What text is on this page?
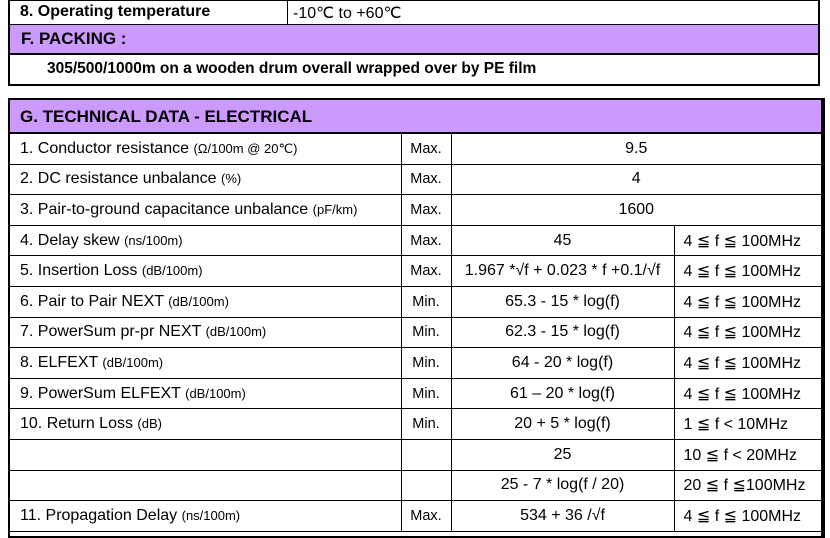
8. Operating temperature	-10℃ to +60℃
F. PACKING :
305/500/1000m on a wooden drum overall wrapped over by PE film
G. TECHNICAL DATA - ELECTRICAL
1. Conductor resistance (Ω/100m @ 20℃)	Max.	9.5	
2. DC resistance unbalance (%)	Max.	4	
3. Pair-to-ground capacitance unbalance (pF/km)	Max.	1600	
4. Delay skew (ns/100m)	Max.	45	4 ≦ f ≦ 100MHz
5. Insertion Loss (dB/100m)	Max.	1.967 *√f + 0.023 * f +0.1/√f	4 ≦ f ≦ 100MHz
6. Pair to Pair NEXT (dB/100m)	Min.	65.3 - 15 * log(f)	4 ≦ f ≦ 100MHz
7. PowerSum pr-pr NEXT (dB/100m)	Min.	62.3 - 15 * log(f)	4 ≦ f ≦ 100MHz
8. ELFEXT (dB/100m)	Min.	64 - 20 * log(f)	4 ≦ f ≦ 100MHz
9. PowerSum ELFEXT (dB/100m)	Min.	61 – 20 * log(f)	4 ≦ f ≦ 100MHz
10. Return Loss (dB)	Min.	20 + 5 * log(f)	1 ≦ f < 10MHz
		25	10 ≦ f < 20MHz
		25 - 7 * log(f / 20)	20 ≦ f ≦100MHz
11. Propagation Delay (ns/100m)	Max.	534 + 36 /√f	4 ≦ f ≦ 100MHz
